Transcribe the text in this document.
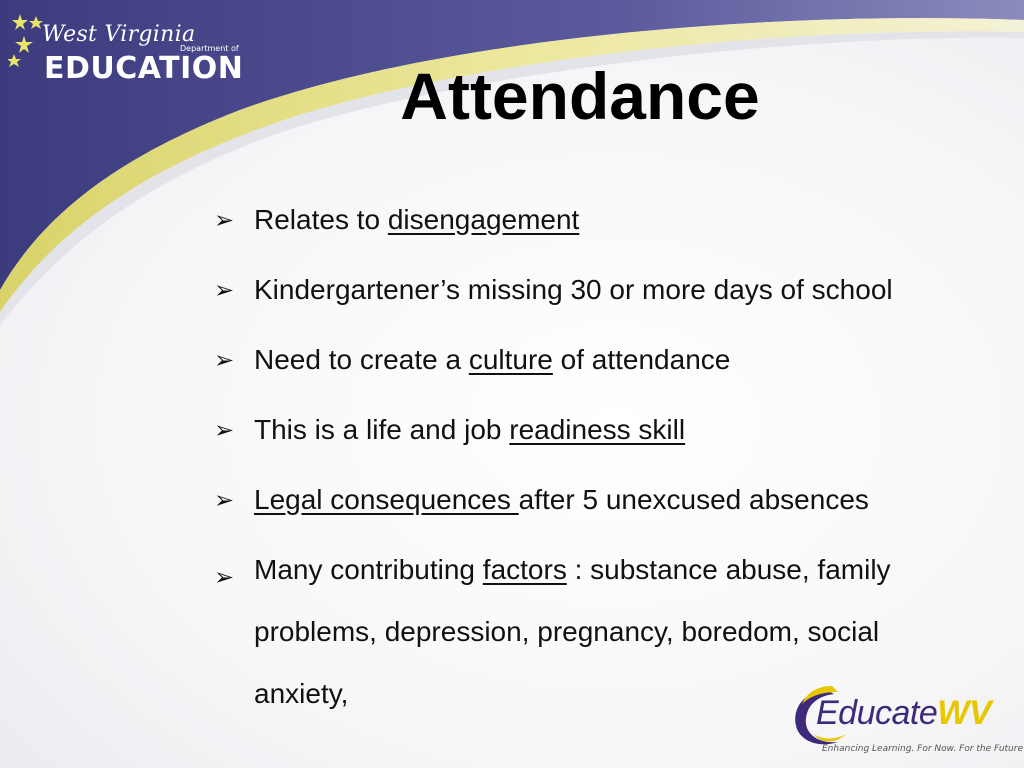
West Virginia
Department of
EDUCATION	Attendance
➢ Relates to disengagement
➢ Kindergartener’s missing 30 or more days of school
➢ Need to create a culture of attendance
➢ This is a life and job readiness skill
➢ Legal consequences after 5 unexcused absences
➢ Many contributing factors : substance abuse, family problems, depression, pregnancy, boredom, social anxiety,
EducateWV
Enhancing Learning. For Now. For the Future
